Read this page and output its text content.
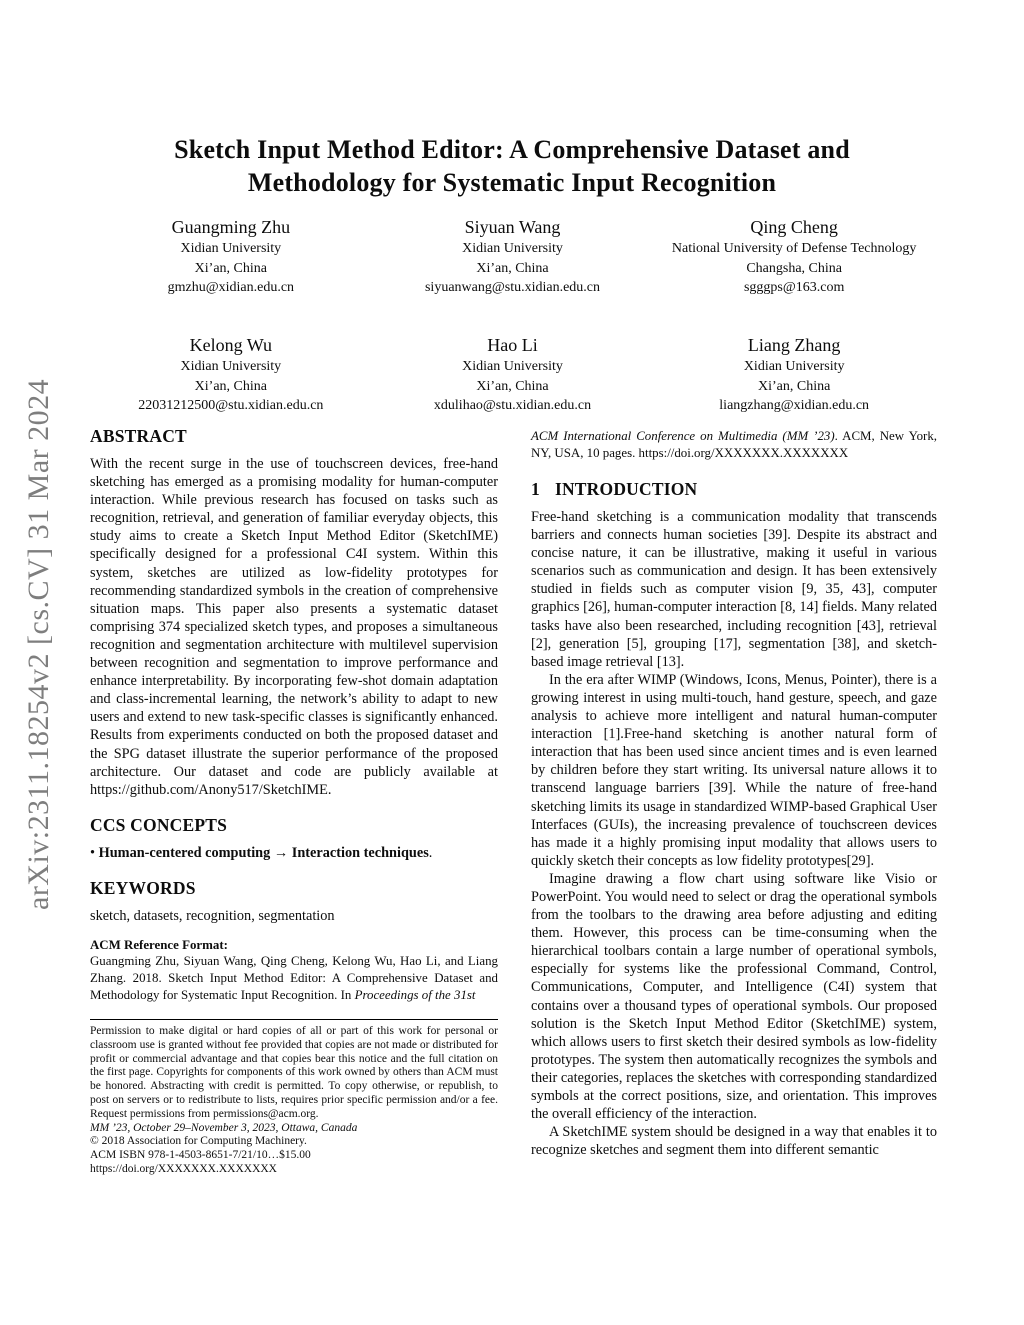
arXiv:2311.18254v2 [cs.CV] 31 Mar 2024
Sketch Input Method Editor: A Comprehensive Dataset and
Methodology for Systematic Input Recognition
Guangming Zhu
Xidian University
Xi’an, China
gmzhu@xidian.edu.cn
Siyuan Wang
Xidian University
Xi’an, China
siyuanwang@stu.xidian.edu.cn
Qing Cheng
National University of Defense Technology
Changsha, China
sgggps@163.com
Kelong Wu
Xidian University
Xi’an, China
22031212500@stu.xidian.edu.cn
Hao Li
Xidian University
Xi’an, China
xdulihao@stu.xidian.edu.cn
Liang Zhang
Xidian University
Xi’an, China
liangzhang@xidian.edu.cn
ABSTRACT

With the recent surge in the use of touchscreen devices, free-hand sketching has emerged as a promising modality for human-computer interaction. While previous research has focused on tasks such as recognition, retrieval, and generation of familiar everyday objects, this study aims to create a Sketch Input Method Editor (SketchIME) specifically designed for a professional C4I system. Within this system, sketches are utilized as low-fidelity prototypes for recommending standardized symbols in the creation of comprehensive situation maps. This paper also presents a systematic dataset comprising 374 specialized sketch types, and proposes a simultaneous recognition and segmentation architecture with multilevel supervision between recognition and segmentation to improve performance and enhance interpretability. By incorporating few-shot domain adaptation and class-incremental learning, the network’s ability to adapt to new users and extend to new task-specific classes is significantly enhanced. Results from experiments conducted on both the proposed dataset and the SPG dataset illustrate the superior performance of the proposed architecture. Our dataset and code are publicly available at https://github.com/Anony517/SketchIME.

CCS CONCEPTS

• Human-centered computing → Interaction techniques.

KEYWORDS

sketch, datasets, recognition, segmentation

ACM Reference Format:

Guangming Zhu, Siyuan Wang, Qing Cheng, Kelong Wu, Hao Li, and Liang Zhang. 2018. Sketch Input Method Editor: A Comprehensive Dataset and Methodology for Systematic Input Recognition. In Proceedings of the 31st

Permission to make digital or hard copies of all or part of this work for personal or classroom use is granted without fee provided that copies are not made or distributed for profit or commercial advantage and that copies bear this notice and the full citation on the first page. Copyrights for components of this work owned by others than ACM must be honored. Abstracting with credit is permitted. To copy otherwise, or republish, to post on servers or to redistribute to lists, requires prior specific permission and/or a fee. Request permissions from permissions@acm.org.

MM ’23, October 29–November 3, 2023, Ottawa, Canada

© 2018 Association for Computing Machinery.

ACM ISBN 978-1-4503-8651-7/21/10…$15.00

https://doi.org/XXXXXXX.XXXXXXX

ACM International Conference on Multimedia (MM ’23). ACM, New York, NY, USA, 10 pages. https://doi.org/XXXXXXX.XXXXXXX

1 INTRODUCTION

Free-hand sketching is a communication modality that transcends barriers and connects human societies [39]. Despite its abstract and concise nature, it can be illustrative, making it useful in various scenarios such as communication and design. It has been extensively studied in fields such as computer vision [9, 35, 43], computer graphics [26], human-computer interaction [8, 14] fields. Many related tasks have also been researched, including recognition [43], retrieval [2], generation [5], grouping [17], segmentation [38], and sketch-based image retrieval [13].

In the era after WIMP (Windows, Icons, Menus, Pointer), there is a growing interest in using multi-touch, hand gesture, speech, and gaze analysis to achieve more intelligent and natural human-computer interaction [1].Free-hand sketching is another natural form of interaction that has been used since ancient times and is even learned by children before they start writing. Its universal nature allows it to transcend language barriers [39]. While the nature of free-hand sketching limits its usage in standardized WIMP-based Graphical User Interfaces (GUIs), the increasing prevalence of touchscreen devices has made it a highly promising input modality that allows users to quickly sketch their concepts as low fidelity prototypes[29].

Imagine drawing a flow chart using software like Visio or PowerPoint. You would need to select or drag the operational symbols from the toolbars to the drawing area before adjusting and editing them. However, this process can be time-consuming when the hierarchical toolbars contain a large number of operational symbols, especially for systems like the professional Command, Control, Communications, Computer, and Intelligence (C4I) system that contains over a thousand types of operational symbols. Our proposed solution is the Sketch Input Method Editor (SketchIME) system, which allows users to first sketch their desired symbols as low-fidelity prototypes. The system then automatically recognizes the symbols and their categories, replaces the sketches with corresponding standardized symbols at the correct positions, size, and orientation. This improves the overall efficiency of the interaction.

A SketchIME system should be designed in a way that enables it to recognize sketches and segment them into different semantic
